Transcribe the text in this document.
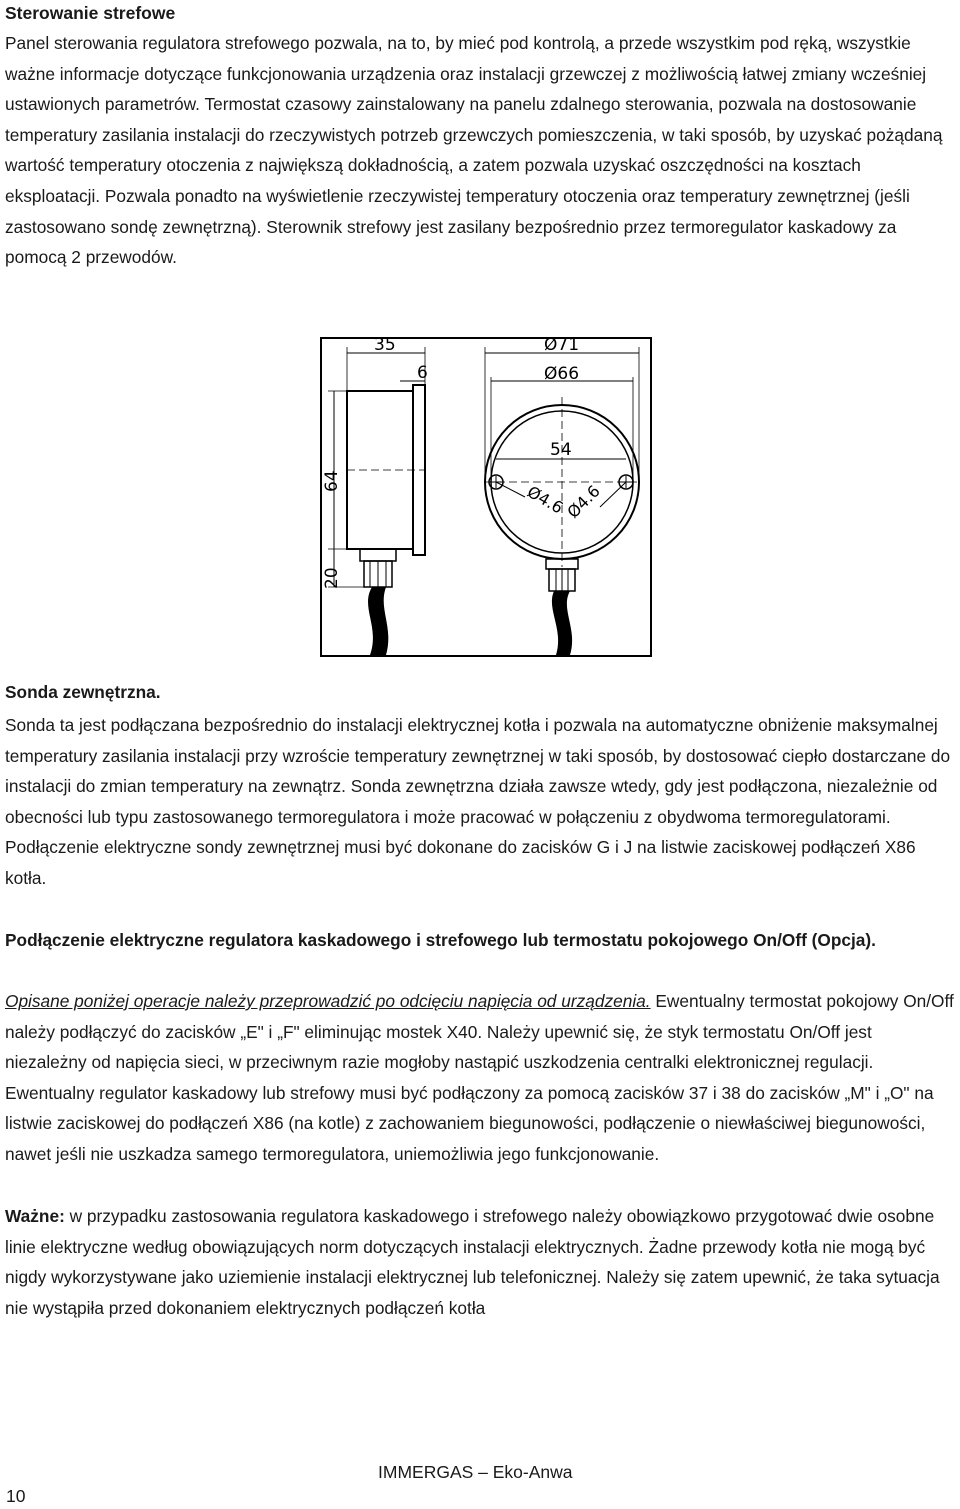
Sterowanie strefowe

Panel sterowania regulatora strefowego pozwala, na to, by mieć pod kontrolą, a przede wszystkim pod ręką, wszystkie ważne informacje dotyczące funkcjonowania urządzenia oraz instalacji grzewczej z możliwością łatwej zmiany wcześniej ustawionych parametrów. Termostat czasowy zainstalowany na panelu zdalnego sterowania, pozwala na dostosowanie temperatury zasilania instalacji do rzeczywistych potrzeb grzewczych pomieszczenia, w taki sposób, by uzyskać pożądaną wartość temperatury otoczenia z największą dokładnością, a zatem pozwala uzyskać oszczędności na kosztach eksploatacji. Pozwala ponadto na wyświetlenie rzeczywistej temperatury otoczenia oraz temperatury zewnętrznej (jeśli zastosowano sondę zewnętrzną). Sterownik strefowy jest zasilany bezpośrednio przez termoregulator kaskadowy za pomocą 2 przewodów.

35
6
64
20
Ø71
Ø66
54
Ø4.6
Ø4.6
Sonda zewnętrzna.

Sonda ta jest podłączana bezpośrednio do instalacji elektrycznej kotła i pozwala na automatyczne obniżenie maksymalnej temperatury zasilania instalacji przy wzroście temperatury zewnętrznej w taki sposób, by dostosować ciepło dostarczane do instalacji do zmian temperatury na zewnątrz. Sonda zewnętrzna działa zawsze wtedy, gdy jest podłączona, niezależnie od obecności lub typu zastosowanego termoregulatora i może pracować w połączeniu z obydwoma termoregulatorami. Podłączenie elektryczne sondy zewnętrznej musi być dokonane do zacisków G i J na listwie zaciskowej podłączeń X86 kotła.

Podłączenie elektryczne regulatora kaskadowego i strefowego lub termostatu pokojowego On/Off (Opcja).

Opisane poniżej operacje należy przeprowadzić po odcięciu napięcia od urządzenia. Ewentualny termostat pokojowy On/Off należy podłączyć do zacisków „E" i „F" eliminując mostek X40. Należy upewnić się, że styk termostatu On/Off jest niezależny od napięcia sieci, w przeciwnym razie mogłoby nastąpić uszkodzenia centralki elektronicznej regulacji. Ewentualny regulator kaskadowy lub strefowy musi być podłączony za pomocą zacisków 37 i 38 do zacisków „M" i „O" na listwie zaciskowej do podłączeń X86 (na kotle) z zachowaniem biegunowości, podłączenie o niewłaściwej biegunowości, nawet jeśli nie uszkadza samego termoregulatora, uniemożliwia jego funkcjonowanie.

Ważne: w przypadku zastosowania regulatora kaskadowego i strefowego należy obowiązkowo przygotować dwie osobne linie elektryczne według obowiązujących norm dotyczących instalacji elektrycznych. Żadne przewody kotła nie mogą być nigdy wykorzystywane jako uziemienie instalacji elektrycznej lub telefonicznej. Należy się zatem upewnić, że taka sytuacja nie wystąpiła przed dokonaniem elektrycznych podłączeń kotła

IMMERGAS – Eko-Anwa
10
